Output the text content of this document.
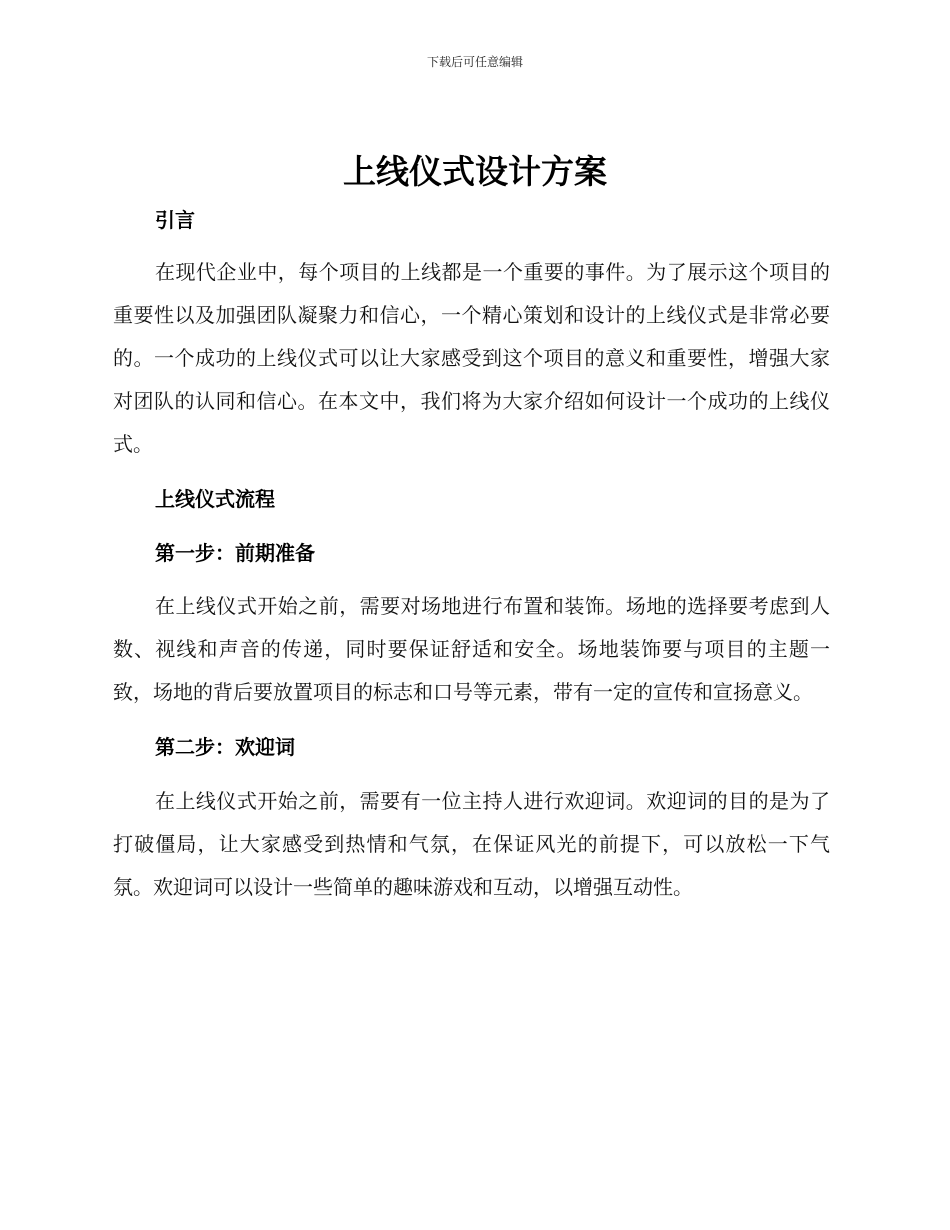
下载后可任意编辑
上线仪式设计方案
引言

在现代企业中，每个项目的上线都是一个重要的事件。为了展示这个项目的重要性以及加强团队凝聚力和信心，一个精心策划和设计的上线仪式是非常必要的。一个成功的上线仪式可以让大家感受到这个项目的意义和重要性，增强大家对团队的认同和信心。在本文中，我们将为大家介绍如何设计一个成功的上线仪式。

上线仪式流程
第一步：前期准备

在上线仪式开始之前，需要对场地进行布置和装饰。场地的选择要考虑到人数、视线和声音的传递，同时要保证舒适和安全。场地装饰要与项目的主题一致，场地的背后要放置项目的标志和口号等元素，带有一定的宣传和宣扬意义。

第二步：欢迎词

在上线仪式开始之前，需要有一位主持人进行欢迎词。欢迎词的目的是为了打破僵局，让大家感受到热情和气氛，在保证风光的前提下，可以放松一下气氛。欢迎词可以设计一些简单的趣味游戏和互动，以增强互动性。
